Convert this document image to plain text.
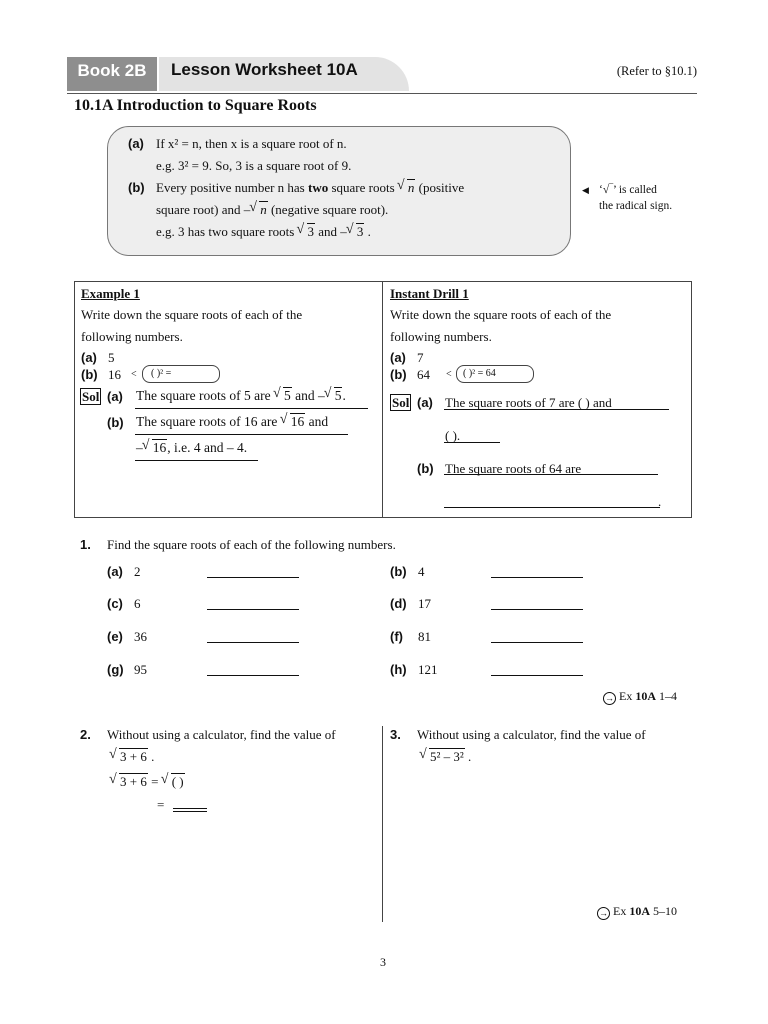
Book 2B	Lesson Worksheet 10A	(Refer to §10.1)
10.1A Introduction to Square Roots
(a) If x² = n, then x is a square root of n.
e.g. 3² = 9. So, 3 is a square root of 9.
(b) Every positive number n has two square roots √ n (positive
square root) and – √ n (negative square root).
e.g. 3 has two square roots √ 3 and – √ 3 .
◀ ‘√‾’ is called
the radical sign.
Example 1
Write down the square roots of each of the
following numbers.
(a) 5
(b) 16	( )² =
<
Sol (a) The square roots of 5 are √ 5 and – √ 5.
(b) The square roots of 16 are √ 16 and
– √ 16, i.e. 4 and – 4.
Instant Drill 1
Write down the square roots of each of the
following numbers.
(a) 7
(b) 64	( )² = 64
<
Sol (a) The square roots of 7 are ( ) and
( ).
(b) The square roots of 64 are
.
1. Find the square roots of each of the following numbers.
(a) 2	(b) 4
(c) 6	(d) 17
(e) 36	(f) 81
(g) 95	(h) 121
→ Ex 10A 1–4
2. Without using a calculator, find the value of
√ 3 + 6 .
√ 3 + 6 = √ ( )
=
3. Without using a calculator, find the value of
√ 5² – 3² .
→ Ex 10A 5–10
3
